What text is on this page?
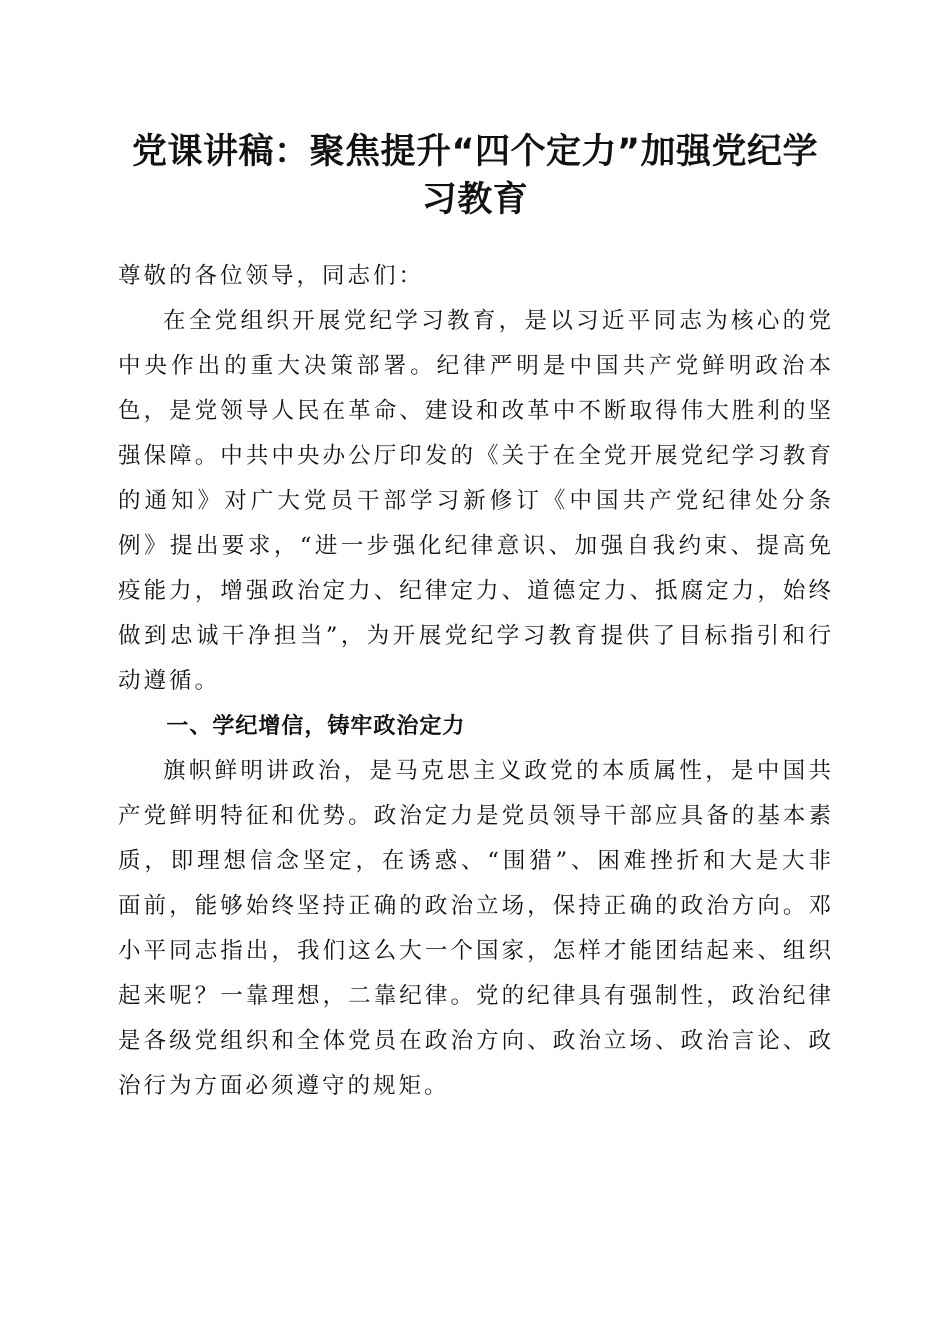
党课讲稿：聚焦提升“四个定力”加强党纪学
习教育

尊敬的各位领导，同志们：

在全党组织开展党纪学习教育，是以习近平同志为核心的党中央作出的重大决策部署。纪律严明是中国共产党鲜明政治本色，是党领导人民在革命、建设和改革中不断取得伟大胜利的坚强保障。中共中央办公厅印发的《关于在全党开展党纪学习教育的通知》对广大党员干部学习新修订《中国共产党纪律处分条例》提出要求，“进一步强化纪律意识、加强自我约束、提高免疫能力，增强政治定力、纪律定力、道德定力、抵腐定力，始终做到忠诚干净担当”，为开展党纪学习教育提供了目标指引和行动遵循。

一、学纪增信，铸牢政治定力

旗帜鲜明讲政治，是马克思主义政党的本质属性，是中国共产党鲜明特征和优势。政治定力是党员领导干部应具备的基本素质，即理想信念坚定，在诱惑、“围猎”、困难挫折和大是大非面前，能够始终坚持正确的政治立场，保持正确的政治方向。邓小平同志指出，我们这么大一个国家，怎样才能团结起来、组织起来呢？一靠理想，二靠纪律。党的纪律具有强制性，政治纪律是各级党组织和全体党员在政治方向、政治立场、政治言论、政治行为方面必须遵守的规矩。
